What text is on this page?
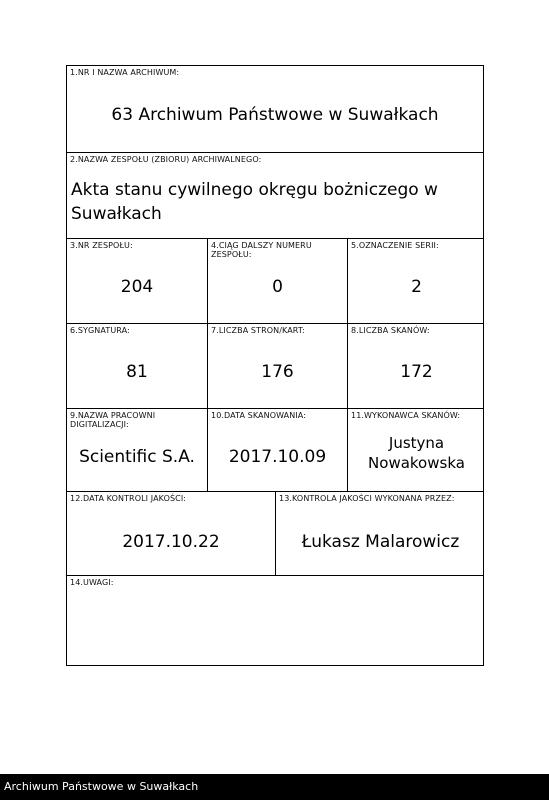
1.NR I NAZWA ARCHIWUM:
63 Archiwum Państwowe w Suwałkach
2.NAZWA ZESPOŁU (ZBIORU) ARCHIWALNEGO:
Akta stanu cywilnego okręgu bożniczego w Suwałkach
3.NR ZESPOŁU:
204
4.CIĄG DALSZY NUMERU ZESPOŁU:
0
5.OZNACZENIE SERII:
2
6.SYGNATURA:
81
7.LICZBA STRON/KART:
176
8.LICZBA SKANÓW:
172
9.NAZWA PRACOWNI DIGITALIZACJI:
Scientific S.A.
10.DATA SKANOWANIA:
2017.10.09
11.WYKONAWCA SKANÓW:
Justyna
Nowakowska
12.DATA KONTROLI JAKOŚCI:
2017.10.22
13.KONTROLA JAKOŚCI WYKONANA PRZEZ:
Łukasz Malarowicz
14.UWAGI:
Archiwum Państwowe w Suwałkach
